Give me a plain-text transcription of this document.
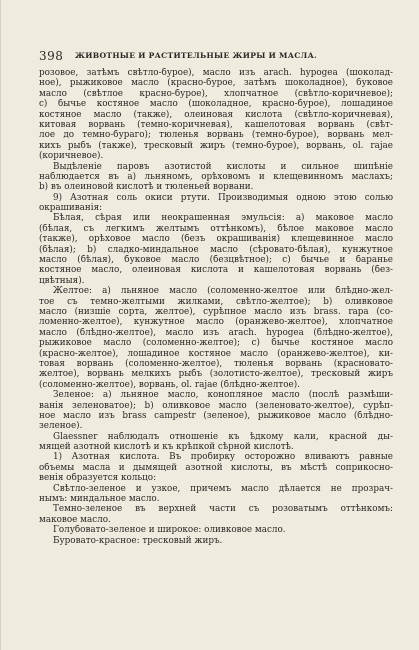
398 ЖИВОТНЫЕ И РАСТИТЕЛЬНЫЕ ЖИРЫ И МАСЛА.
розовое, затѣмъ свѣтло-бурое), масло изъ arach. hypogea (шоколад-
ное), рыжиковое масло (красно-бурое, затѣмъ шоколадное), буковое
масло (свѣтлое красно-бурое), хлопчатное (свѣтло-коричневое);
c) бычье костяное масло (шоколадное, красно-бурое), лошадиное
костяное масло (также), олеиновая кислота (свѣтло-коричневая),
китовая ворвань (темно-коричневая), кашелотовая ворвань (свѣт-
лое до темно-бураго); тюленья ворвань (темно-бурое), ворвань мел-
кихъ рыбъ (также), тресковый жиръ (темно-бурое), ворвань, ol. rajae
(коричневое).
Выдѣленіе паровъ азотистой кислоты и сильное шипѣніе
наблюдается въ a) льняномъ, орѣховомъ и клещевинномъ маслахъ;
b) въ олеиновой кислотѣ и тюленьей ворвани.
9) Азотная соль окиси ртути. Производимыя одною этою солью
окрашиванія:
Бѣлая, сѣрая или неокрашенная эмульсія: a) маковое масло
(бѣлая, съ легкимъ желтымъ оттѣнкомъ), бѣлое маковое масло
(также), орѣховое масло (безъ окрашиванія) клещевинное масло
(бѣлая); b) сладко-миндальное масло (сѣровато-бѣлая), кунжутное
масло (бѣлая), буковое масло (безцвѣтное); c) бычье и баранье
костяное масло, олеиновая кислота и кашелотовая ворвань (без-
цвѣтныя).
Желтое: a) льняное масло (соломенно-желтое или блѣдно-жел-
тое съ темно-желтыми жилками, свѣтло-желтое); b) оливковое
масло (низшіе сорта, желтое), сурѣпное масло изъ brass. rapa (со-
ломенно-желтое), кунжутное масло (оранжево-желтое), хлопчатное
масло (блѣдно-желтое), масло изъ arach. hypogea (блѣдно-желтое),
рыжиковое масло (соломенно-желтое); c) бычье костяное масло
(красно-желтое), лошадиное костяное масло (оранжево-желтое), ки-
товая ворвань (соломенно-желтое), тюленья ворвань (красновато-
желтое), ворвань мелкихъ рыбъ (золотисто-желтое), тресковый жиръ
(соломенно-желтое), ворвань, ol. rajae (блѣдно-желтое).
Зеленое: a) льняное масло, конопляное масло (послѣ размѣши-
ванія зеленоватое); b) оливковое масло (зеленовато-желтое), сурѣп-
ное масло изъ brass campestr (зеленое), рыжиковое масло (блѣдно-
зеленое).
Glaessner наблюдалъ отношеніе къ ѣдкому кали, красной ды-
мящей азотной кислотѣ и къ крѣпкой сѣрной кислотѣ.
1) Азотная кислота. Въ пробирку осторожно вливаютъ равные
объемы масла и дымящей азотной кислоты, въ мѣстѣ соприкосно-
венія образуется кольцо:
Свѣтло-зеленое и узкое, причемъ масло дѣлается не прозрач-
нымъ: миндальное масло.
Темно-зеленое въ верхней части съ розоватымъ оттѣнкомъ:
маковое масло.
Голубовато-зеленое и широкое: оливковое масло.
Буровато-красное: тресковый жиръ.
